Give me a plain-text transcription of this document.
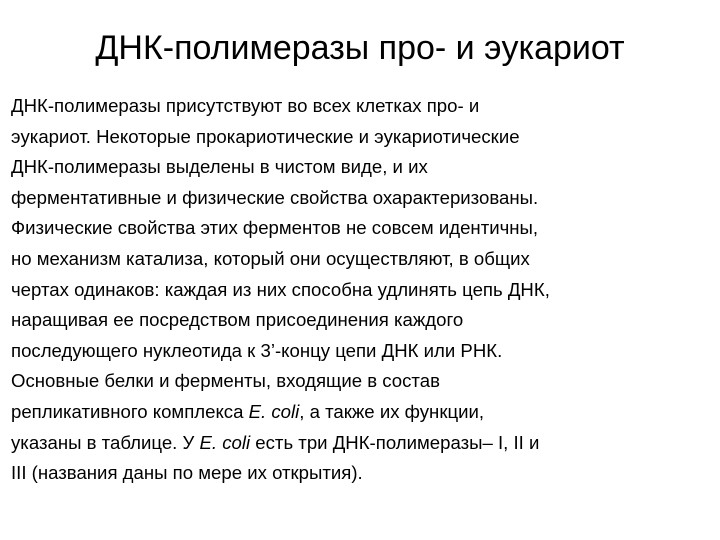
ДНК-полимеразы про- и эукариот
ДНК-полимеразы присутствуют во всех клетках про- и
эукариот. Некоторые прокариотические и эукариотические
ДНК-полимеразы выделены в чистом виде, и их
ферментативные и физические свойства охарактеризованы.
Физические свойства этих ферментов не совсем идентичны,
но механизм катализа, который они осуществляют, в общих
чертах одинаков: каждая из них способна удлинять цепь ДНК,
наращивая ее посредством присоединения каждого
последующего нуклеотида к 3’-концу цепи ДНК или РНК.
Основные белки и ферменты, входящие в состав
репликативного комплекса E. coli, а также их функции,
указаны в таблице. У E. coli есть три ДНК-полимеразы– I, II и
III (названия даны по мере их открытия).
